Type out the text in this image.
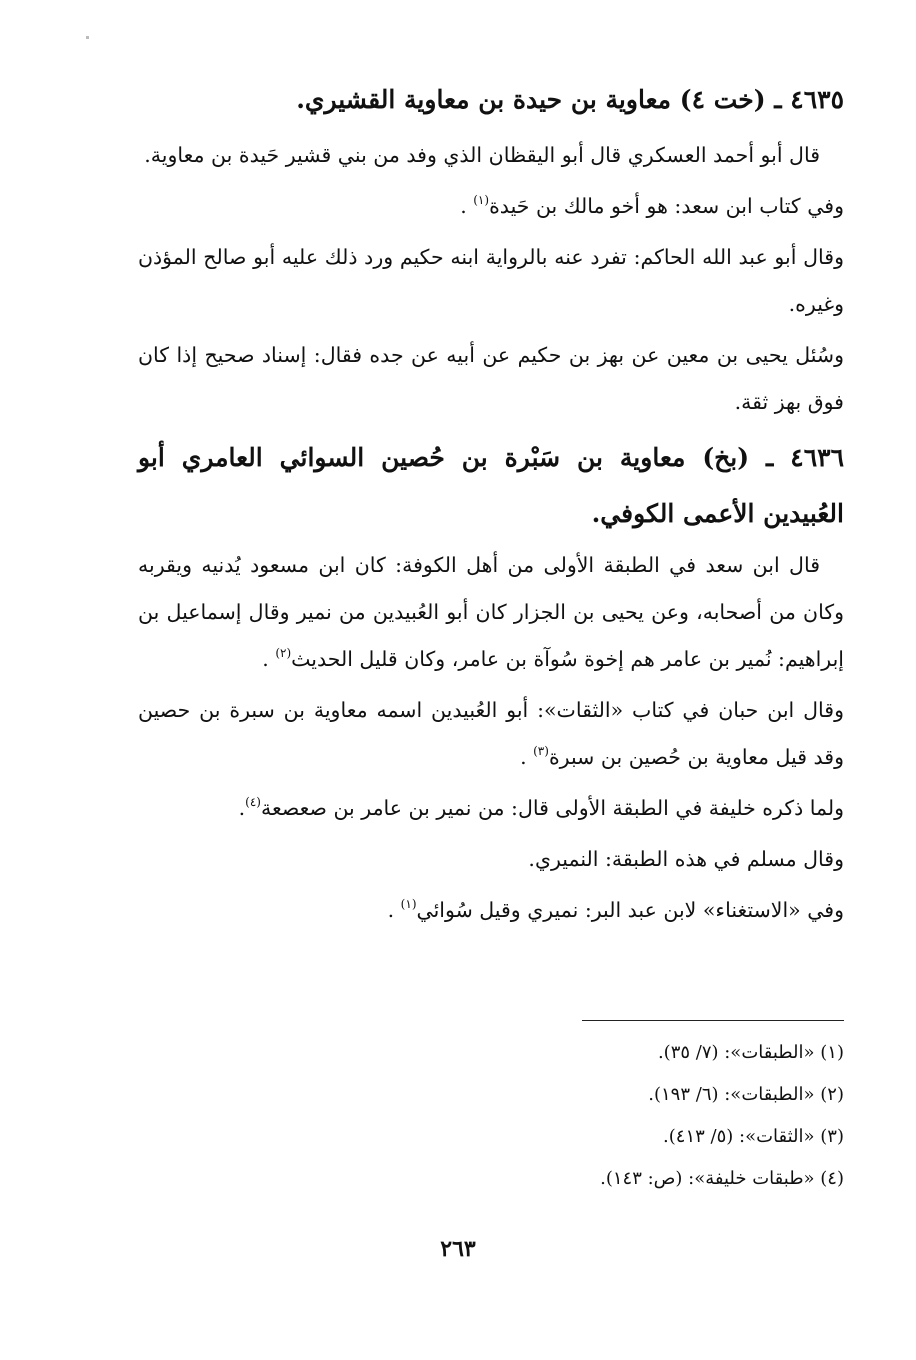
٤٦٣٥ ـ (خت ٤) معاوية بن حيدة بن معاوية القشيري.

قال أبو أحمد العسكري قال أبو اليقظان الذي وفد من بني قشير حَيدة بن معاوية.

وفي كتاب ابن سعد: هو أخو مالك بن حَيدة$^{(١)}$ .

وقال أبو عبد الله الحاكم: تفرد عنه بالرواية ابنه حكيم ورد ذلك عليه أبو صالح المؤذن وغيره.

وسُئل يحيى بن معين عن بهز بن حكيم عن أبيه عن جده فقال: إسناد صحيح إذا كان فوق بهز ثقة.

٤٦٣٦ ـ (بخ) معاوية بن سَبْرة بن حُصين السوائي العامري أبو العُبيدين الأعمى الكوفي.

قال ابن سعد في الطبقة الأولى من أهل الكوفة: كان ابن مسعود يُدنيه ويقربه وكان من أصحابه، وعن يحيى بن الجزار كان أبو العُبيدين من نمير وقال إسماعيل بن إبراهيم: نُمير بن عامر هم إخوة سُوآة بن عامر، وكان قليل الحديث$^{(٢)}$ .

وقال ابن حبان في كتاب «الثقات»: أبو العُبيدين اسمه معاوية بن سبرة بن حصين وقد قيل معاوية بن حُصين بن سبرة$^{(٣)}$ .

ولما ذكره خليفة في الطبقة الأولى قال: من نمير بن عامر بن صعصعة$^{(٤)}$.

وقال مسلم في هذه الطبقة: النميري.

وفي «الاستغناء» لابن عبد البر: نميري وقيل سُوائي$^{(١)}$ .

(١) «الطبقات»: (٧/ ٣٥).

(٢) «الطبقات»: (٦/ ١٩٣).

(٣) «الثقات»: (٥/ ٤١٣).

(٤) «طبقات خليفة»: (ص: ١٤٣).

٢٦٣
